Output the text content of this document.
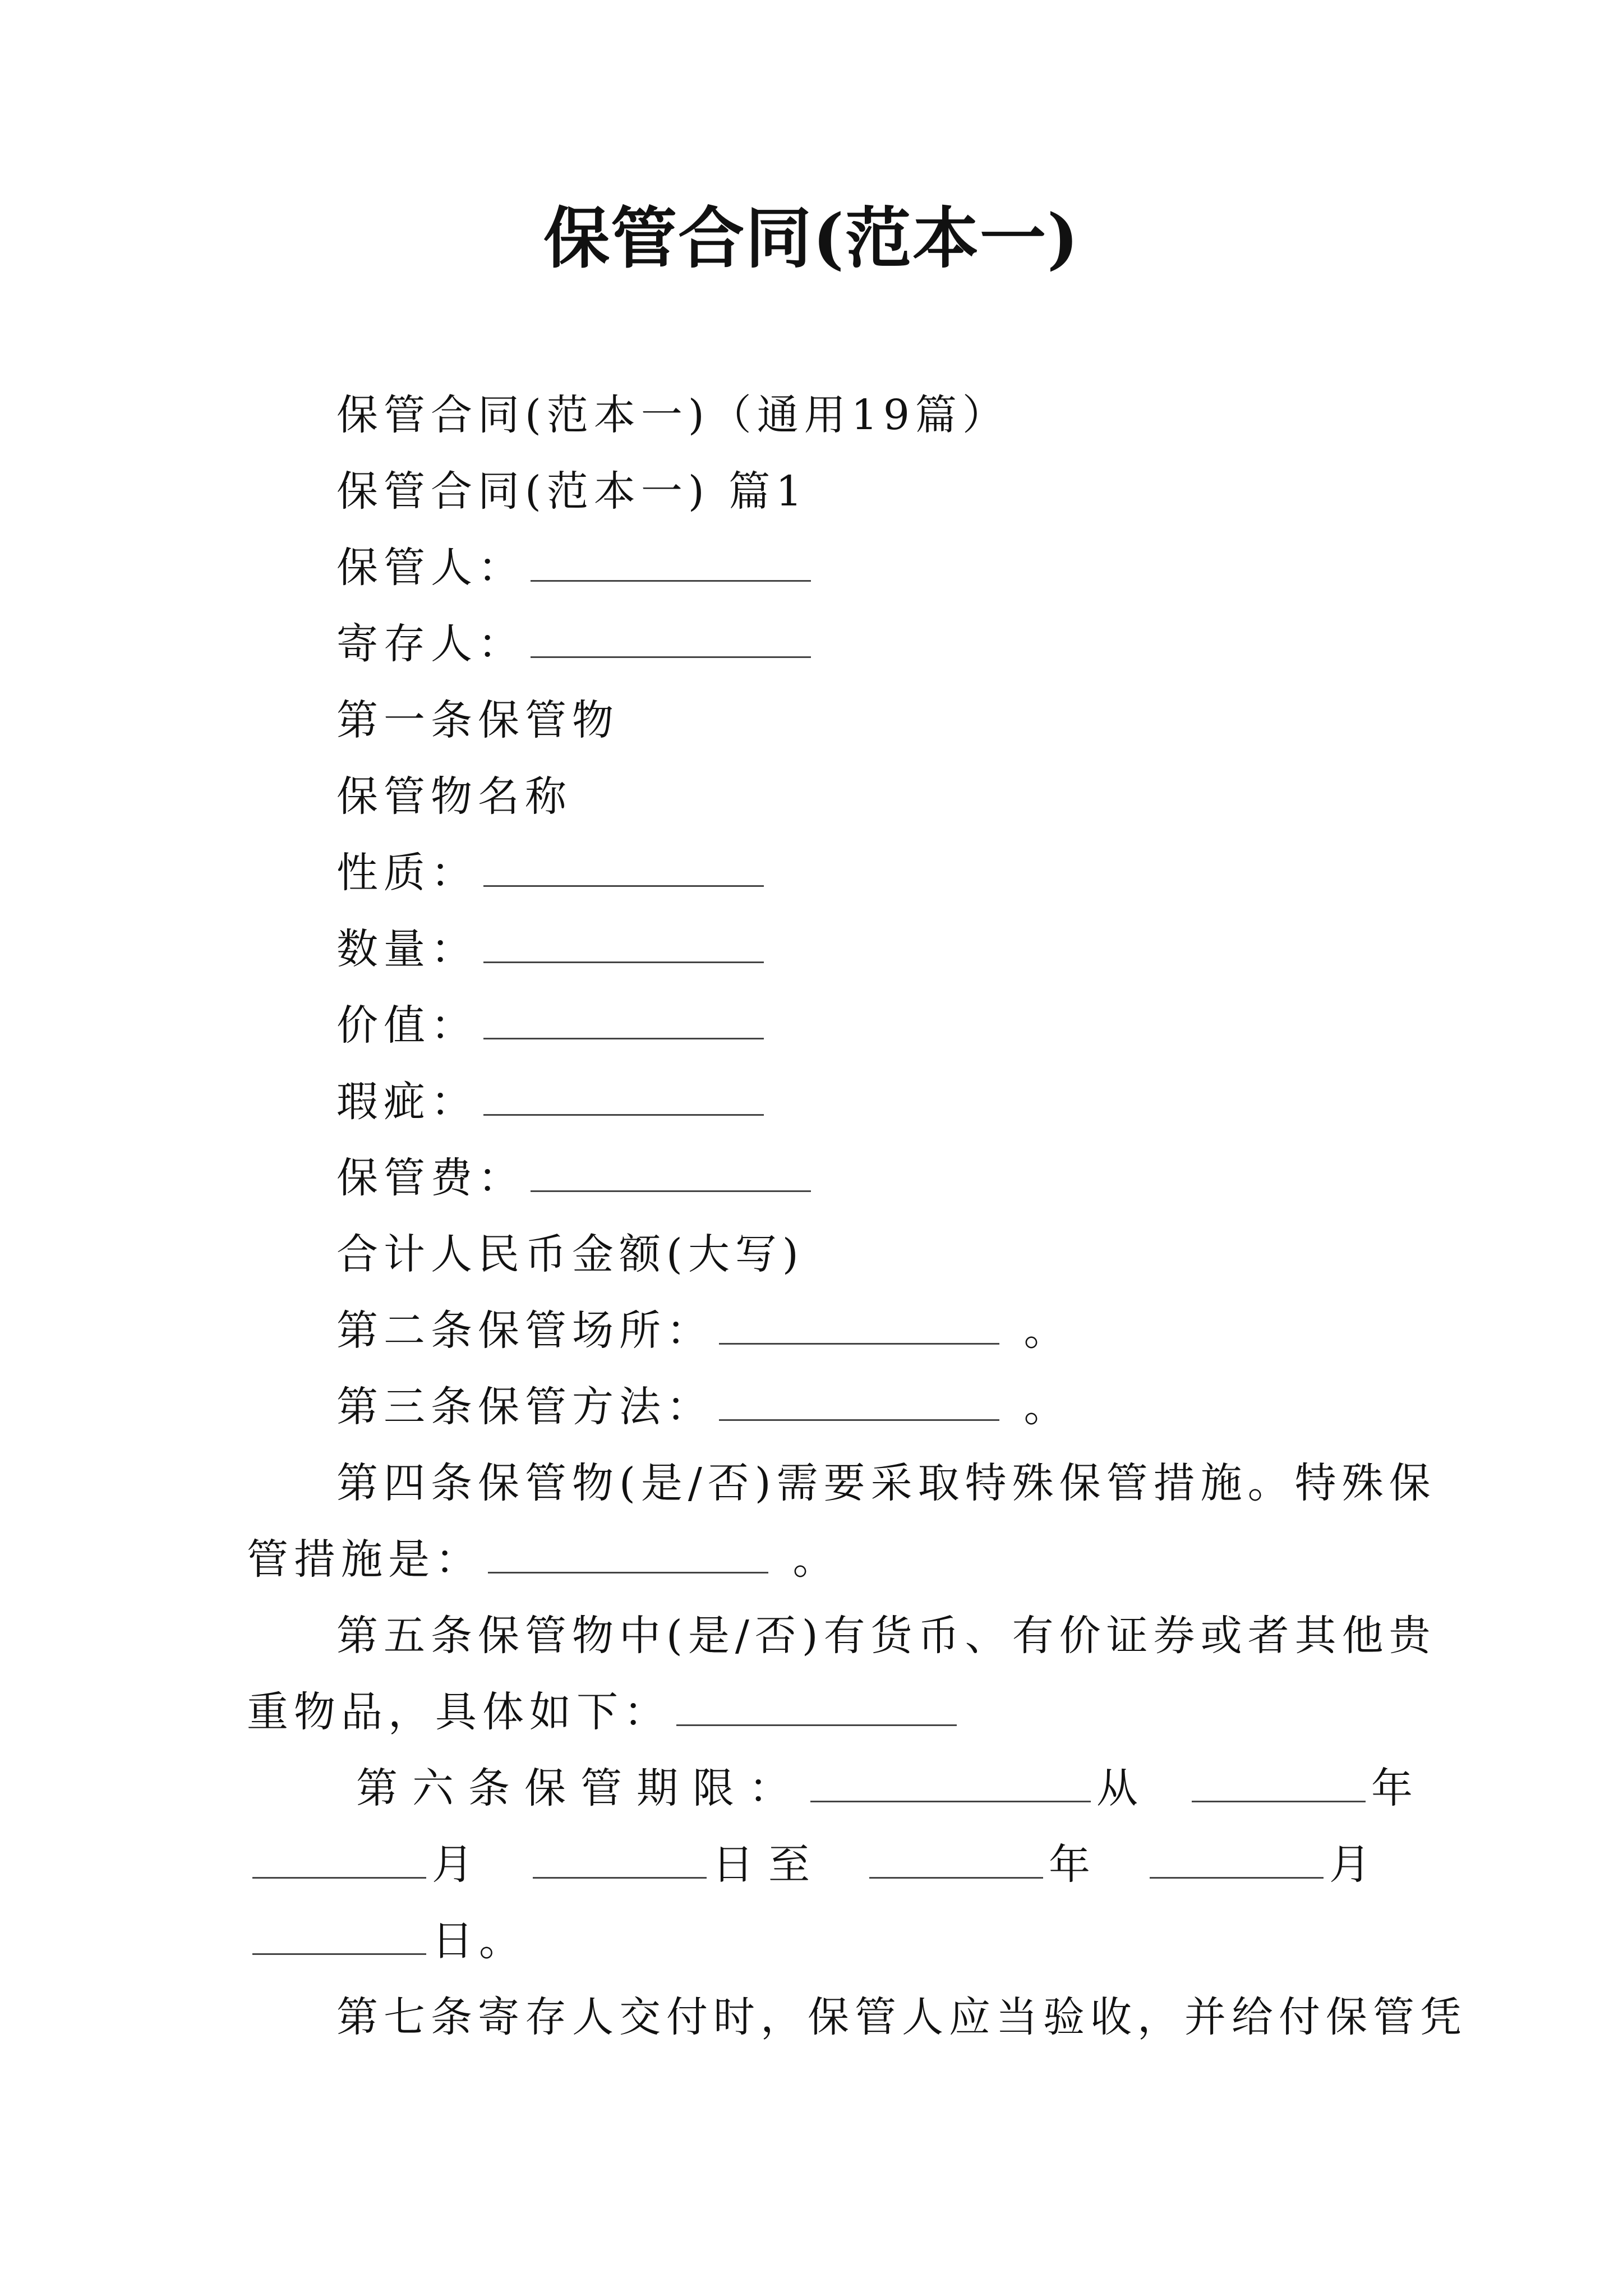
保管合同(范本一)
保管合同(范本一)（通用19篇）
保管合同(范本一) 篇1
保管人：
寄存人：
第一条保管物
保管物名称
性质：
数量：
价值：
瑕疵：
保管费：
合计人民币金额(大写)
第二条保管场所：	。
第三条保管方法：	。
第四条保管物(是/否)需要采取特殊保管措施。特殊保
管措施是：	。
第五条保管物中(是/否)有货币、有价证券或者其他贵
重物品，具体如下：
第六条保管期限：	从	年
月	日至	年	月
日。
第七条寄存人交付时，保管人应当验收，并给付保管凭
